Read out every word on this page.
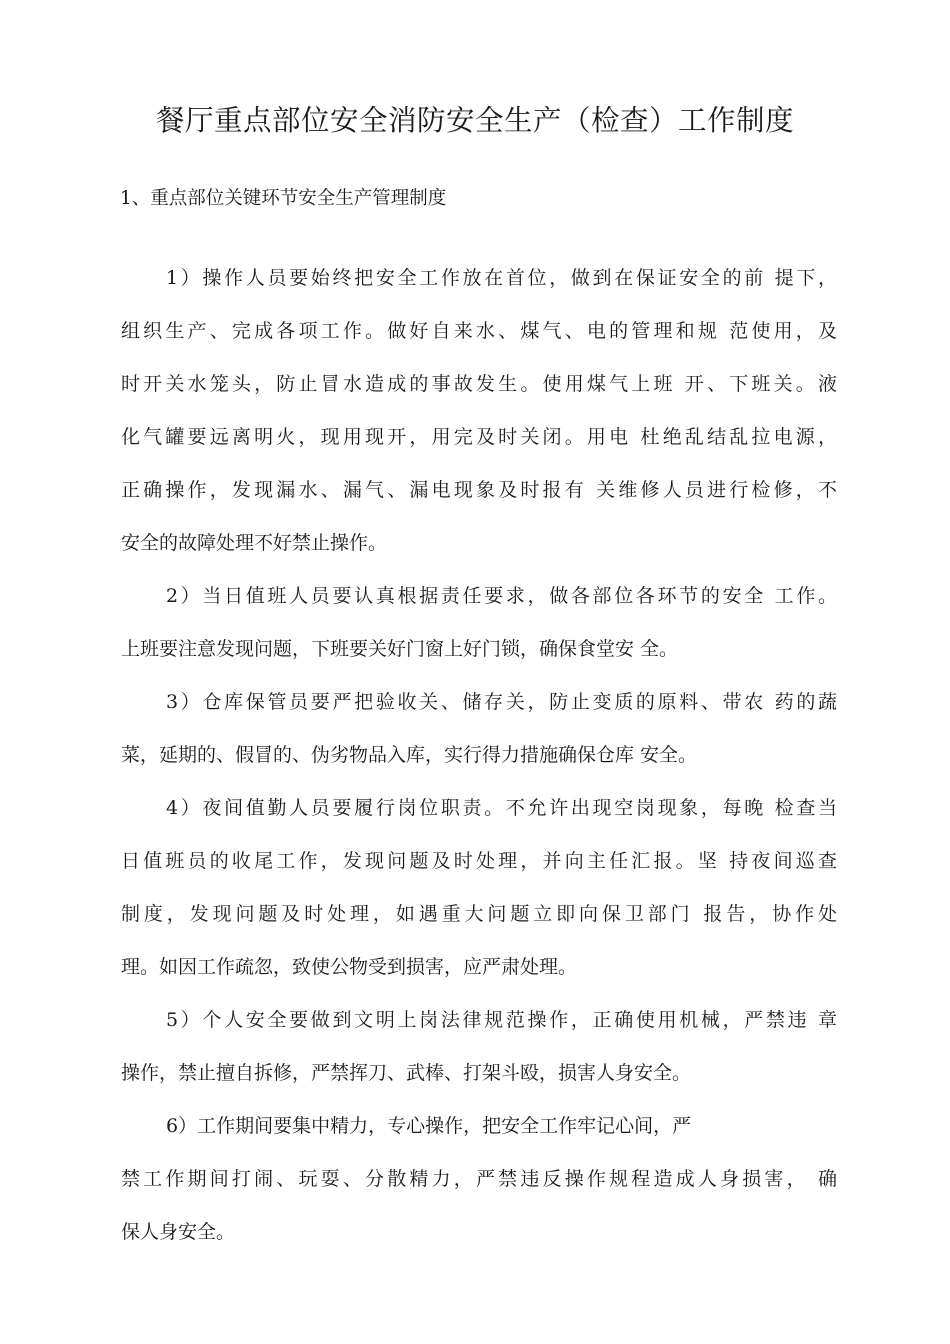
餐厅重点部位安全消防安全生产（检查）工作制度
1、重点部位关键环节安全生产管理制度
1）操作人员要始终把安全工作放在首位，做到在保证安全的前 提下，
组织生产、完成各项工作。做好自来水、煤气、电的管理和规 范使用，及
时开关水笼头，防止冒水造成的事故发生。使用煤气上班 开、下班关。液
化气罐要远离明火，现用现开，用完及时关闭。用电 杜绝乱结乱拉电源，
正确操作，发现漏水、漏气、漏电现象及时报有 关维修人员进行检修，不
安全的故障处理不好禁止操作。
2）当日值班人员要认真根据责任要求，做各部位各环节的安全 工作。
上班要注意发现问题，下班要关好门窗上好门锁，确保食堂安 全。
3）仓库保管员要严把验收关、储存关，防止变质的原料、带农 药的蔬
菜，延期的、假冒的、伪劣物品入库，实行得力措施确保仓库 安全。
4）夜间值勤人员要履行岗位职责。不允许出现空岗现象，每晚 检查当
日值班员的收尾工作，发现问题及时处理，并向主任汇报。坚 持夜间巡查
制度，发现问题及时处理，如遇重大问题立即向保卫部门 报告，协作处
理。如因工作疏忽，致使公物受到损害，应严肃处理。
5）个人安全要做到文明上岗法律规范操作，正确使用机械，严禁违 章
操作，禁止擅自拆修，严禁挥刀、武棒、打架斗殴，损害人身安全。
6）工作期间要集中精力，专心操作，把安全工作牢记心间，严
禁工作期间打闹、玩耍、分散精力，严禁违反操作规程造成人身损害， 确
保人身安全。
